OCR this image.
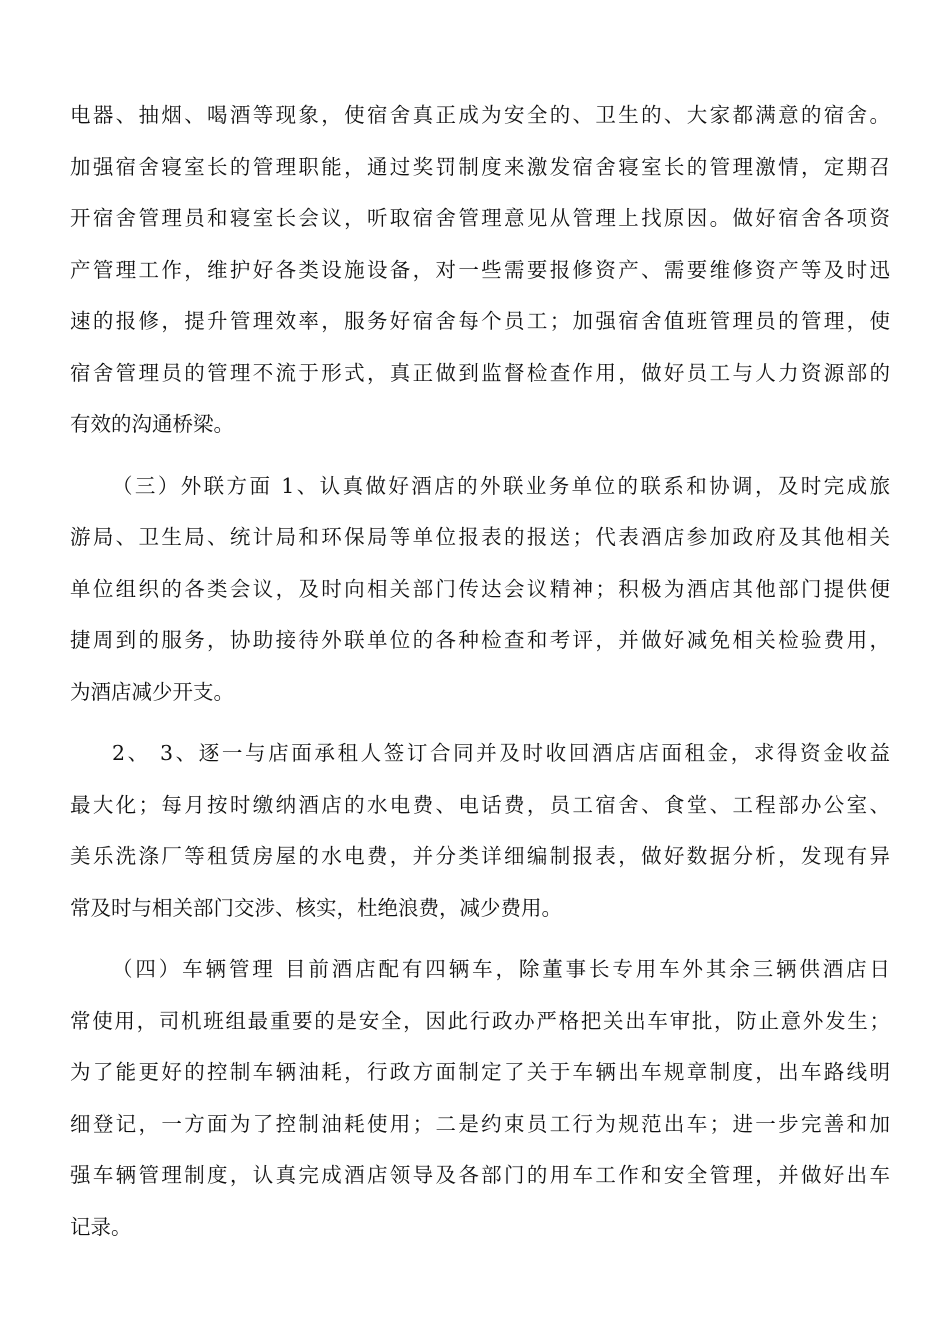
电器、抽烟、喝酒等现象，使宿舍真正成为安全的、卫生的、大家都满意的宿舍。
加强宿舍寝室长的管理职能，通过奖罚制度来激发宿舍寝室长的管理激情，定期召
开宿舍管理员和寝室长会议，听取宿舍管理意见从管理上找原因。做好宿舍各项资
产管理工作，维护好各类设施设备，对一些需要报修资产、需要维修资产等及时迅
速的报修，提升管理效率，服务好宿舍每个员工；加强宿舍值班管理员的管理，使
宿舍管理员的管理不流于形式，真正做到监督检查作用，做好员工与人力资源部的
有效的沟通桥梁。
（三）外联方面 1、认真做好酒店的外联业务单位的联系和协调，及时完成旅
游局、卫生局、统计局和环保局等单位报表的报送；代表酒店参加政府及其他相关
单位组织的各类会议，及时向相关部门传达会议精神；积极为酒店其他部门提供便
捷周到的服务，协助接待外联单位的各种检查和考评，并做好减免相关检验费用，
为酒店减少开支。
2、 3、逐一与店面承租人签订合同并及时收回酒店店面租金，求得资金收益
最大化；每月按时缴纳酒店的水电费、电话费，员工宿舍、食堂、工程部办公室、
美乐洗涤厂等租赁房屋的水电费，并分类详细编制报表，做好数据分析，发现有异
常及时与相关部门交涉、核实，杜绝浪费，减少费用。
（四）车辆管理 目前酒店配有四辆车，除董事长专用车外其余三辆供酒店日
常使用，司机班组最重要的是安全，因此行政办严格把关出车审批，防止意外发生；
为了能更好的控制车辆油耗，行政方面制定了关于车辆出车规章制度，出车路线明
细登记，一方面为了控制油耗使用；二是约束员工行为规范出车；进一步完善和加
强车辆管理制度，认真完成酒店领导及各部门的用车工作和安全管理，并做好出车
记录。
